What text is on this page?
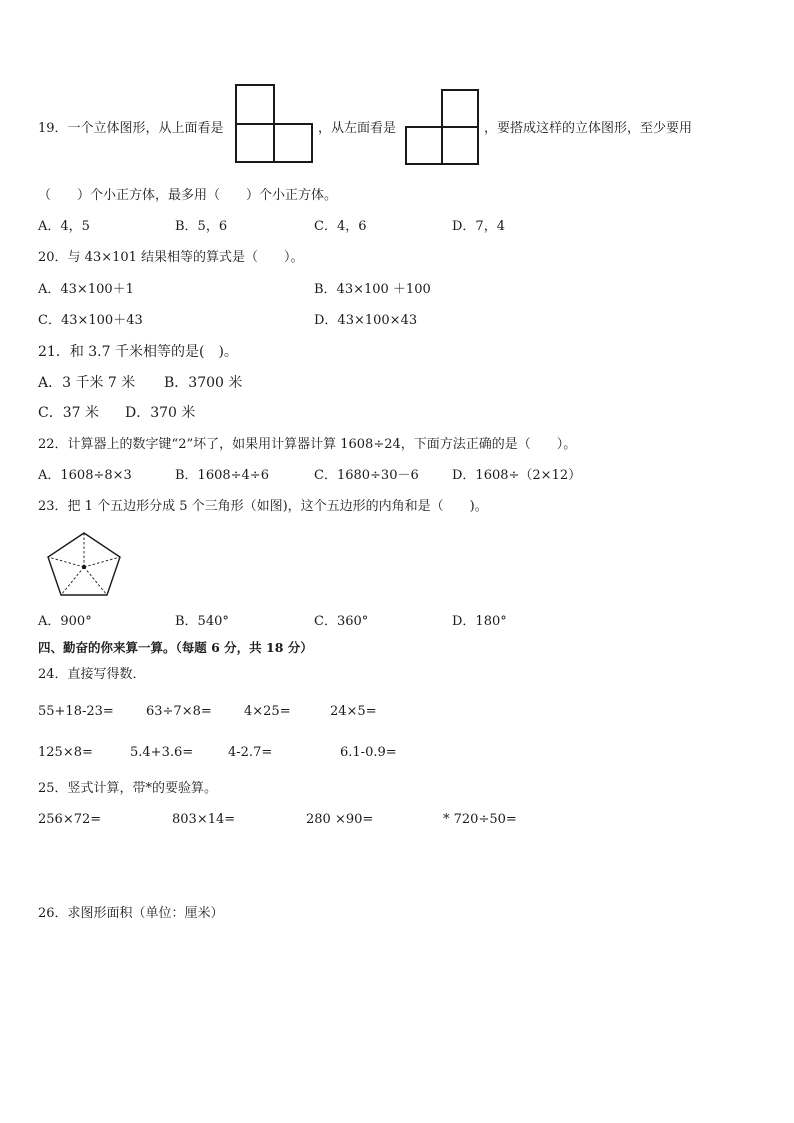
19．一个立体图形，从上面看是	，从左面看是	，要搭成这样的立体图形，至少要用
（　　）个小正方体，最多用（　　）个小正方体。
A．4，5	B．5，6	C．4，6	D．7，4
20．与 43×101 结果相等的算式是（　　）。
A．43×100＋1	B．43×100 ＋100
C．43×100＋43	D．43×100×43
21．和 3.7 千米相等的是(　)。
A．3 千米 7 米 B．3700 米
C．37 米 D．370 米
22．计算器上的数字键“2”坏了，如果用计算器计算 1608÷24，下面方法正确的是（　　）。
A．1608÷8×3	B．1608÷4÷6	C．1680÷30－6	D．1608÷（2×12）
23．把 1 个五边形分成 5 个三角形（如图)，这个五边形的内角和是（　　)。
A．900°	B．540°	C．360°	D．180°
四、勤奋的你来算一算。（每题 6 分，共 18 分）
24．直接写得数．
55+18-23= 63÷7×8= 4×25=	24×5=
125×8=	5.4+3.6=	4-2.7=	6.1-0.9=
25．竖式计算，带*的要验算。
256×72=	803×14=	280 ×90=	* 720÷50=
26．求图形面积（单位：厘米）
